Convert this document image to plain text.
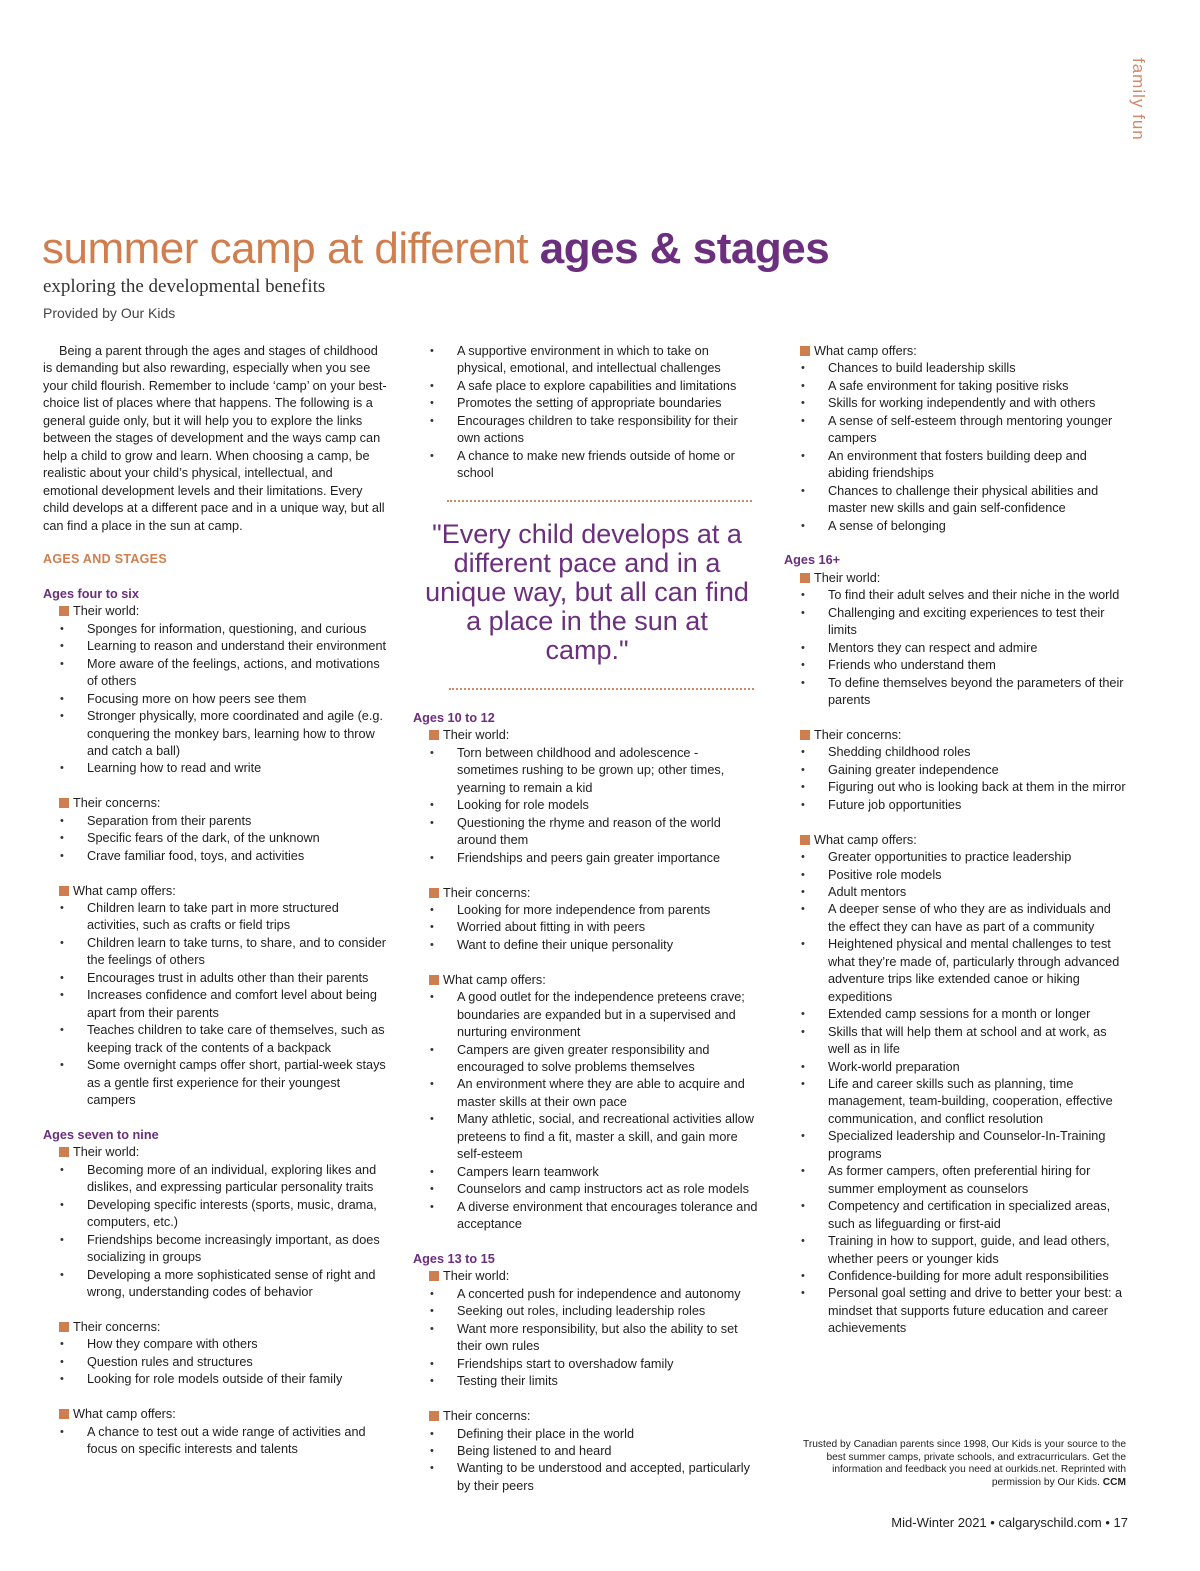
family fun
summer camp at different ages & stages
exploring the developmental benefits
Provided by Our Kids

Being a parent through the ages and stages of childhood is demanding but also rewarding, especially when you see your child flourish. Remember to include ‘camp’ on your best-choice list of places where that happens. The following is a general guide only, but it will help you to explore the links between the stages of development and the ways camp can help a child to grow and learn. When choosing a camp, be realistic about your child’s physical, intellectual, and emotional development levels and their limitations. Every child develops at a different pace and in a unique way, but all can find a place in the sun at camp.

AGES AND STAGES

Ages four to six

Their world:

• Sponges for information, questioning, and curious
• Learning to reason and understand their environment
• More aware of the feelings, actions, and motivations of others
• Focusing more on how peers see them
• Stronger physically, more coordinated and agile (e.g. conquering the monkey bars, learning how to throw and catch a ball)
• Learning how to read and write

Their concerns:

• Separation from their parents
• Specific fears of the dark, of the unknown
• Crave familiar food, toys, and activities

What camp offers:

• Children learn to take part in more structured activities, such as crafts or field trips
• Children learn to take turns, to share, and to consider the feelings of others
• Encourages trust in adults other than their parents
• Increases confidence and comfort level about being apart from their parents
• Teaches children to take care of themselves, such as keeping track of the contents of a backpack
• Some overnight camps offer short, partial-week stays as a gentle first experience for their youngest campers

Ages seven to nine

Their world:

• Becoming more of an individual, exploring likes and dislikes, and expressing particular personality traits
• Developing specific interests (sports, music, drama, computers, etc.)
• Friendships become increasingly important, as does socializing in groups
• Developing a more sophisticated sense of right and wrong, understanding codes of behavior

Their concerns:

• How they compare with others
• Question rules and structures
• Looking for role models outside of their family

What camp offers:

• A chance to test out a wide range of activities and focus on specific interests and talents
• A supportive environment in which to take on physical, emotional, and intellectual challenges
• A safe place to explore capabilities and limitations
• Promotes the setting of appropriate boundaries
• Encourages children to take responsibility for their own actions
• A chance to make new friends outside of home or school

"Every child develops at a different pace and in a unique way, but all can find a place in the sun at camp."

Ages 10 to 12

Their world:

• Torn between childhood and adolescence - sometimes rushing to be grown up; other times, yearning to remain a kid
• Looking for role models
• Questioning the rhyme and reason of the world around them
• Friendships and peers gain greater importance

Their concerns:

• Looking for more independence from parents
• Worried about fitting in with peers
• Want to define their unique personality

What camp offers:

• A good outlet for the independence preteens crave; boundaries are expanded but in a supervised and nurturing environment
• Campers are given greater responsibility and encouraged to solve problems themselves
• An environment where they are able to acquire and master skills at their own pace
• Many athletic, social, and recreational activities allow preteens to find a fit, master a skill, and gain more self-esteem
• Campers learn teamwork
• Counselors and camp instructors act as role models
• A diverse environment that encourages tolerance and acceptance

Ages 13 to 15

Their world:

• A concerted push for independence and autonomy
• Seeking out roles, including leadership roles
• Want more responsibility, but also the ability to set their own rules
• Friendships start to overshadow family
• Testing their limits

Their concerns:

• Defining their place in the world
• Being listened to and heard
• Wanting to be understood and accepted, particularly by their peers

What camp offers:

• Chances to build leadership skills
• A safe environment for taking positive risks
• Skills for working independently and with others
• A sense of self-esteem through mentoring younger campers
• An environment that fosters building deep and abiding friendships
• Chances to challenge their physical abilities and master new skills and gain self-confidence
• A sense of belonging

Ages 16+

Their world:

• To find their adult selves and their niche in the world
• Challenging and exciting experiences to test their limits
• Mentors they can respect and admire
• Friends who understand them
• To define themselves beyond the parameters of their parents

Their concerns:

• Shedding childhood roles
• Gaining greater independence
• Figuring out who is looking back at them in the mirror
• Future job opportunities

What camp offers:

• Greater opportunities to practice leadership
• Positive role models
• Adult mentors
• A deeper sense of who they are as individuals and the effect they can have as part of a community
• Heightened physical and mental challenges to test what they’re made of, particularly through advanced adventure trips like extended canoe or hiking expeditions
• Extended camp sessions for a month or longer
• Skills that will help them at school and at work, as well as in life
• Work-world preparation
• Life and career skills such as planning, time management, team-building, cooperation, effective communication, and conflict resolution
• Specialized leadership and Counselor-In-Training programs
• As former campers, often preferential hiring for summer employment as counselors
• Competency and certification in specialized areas, such as lifeguarding or first-aid
• Training in how to support, guide, and lead others, whether peers or younger kids
• Confidence-building for more adult responsibilities
• Personal goal setting and drive to better your best: a mindset that supports future education and career achievements
Trusted by Canadian parents since 1998, Our Kids is your source to the best summer camps, private schools, and extracurriculars. Get the information and feedback you need at ourkids.net. Reprinted with permission by Our Kids. CCM
Mid-Winter 2021 • calgaryschild.com • 17
